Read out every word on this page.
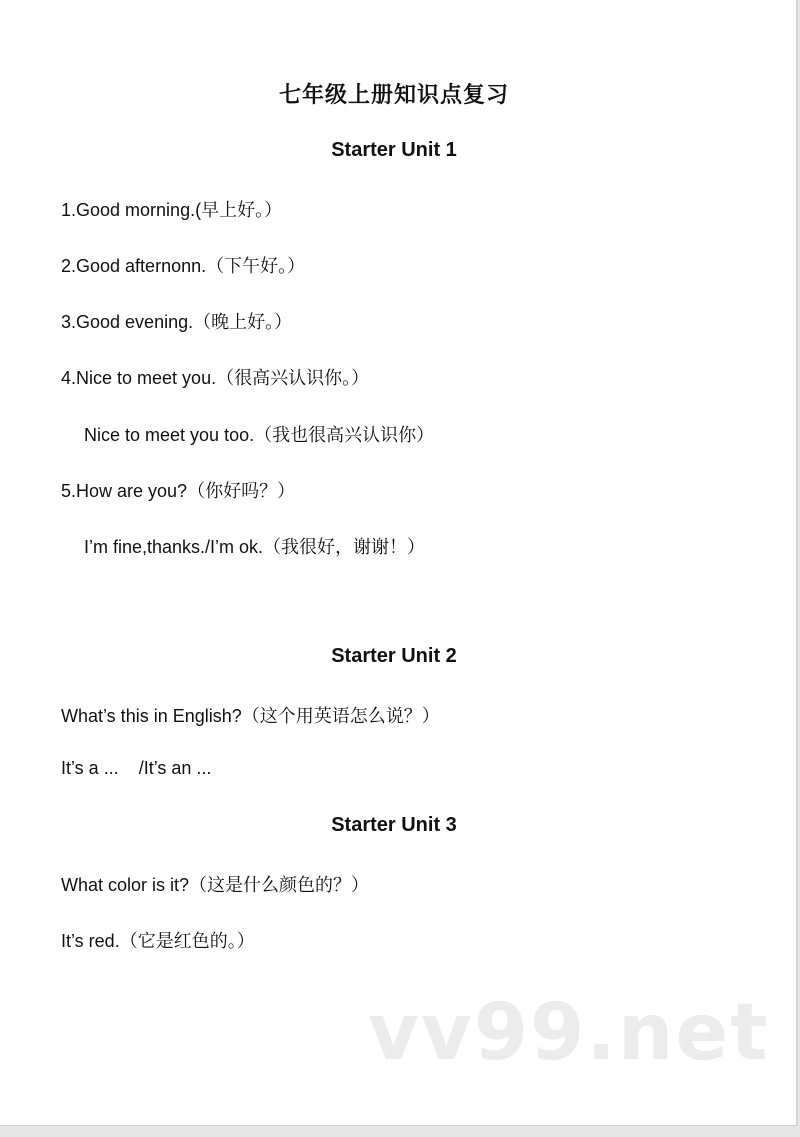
七年级上册知识点复习
Starter Unit 1
1.Good morning.(早上好。）
2.Good afternonn.（下午好。）
3.Good evening.（晚上好。）
4.Nice to meet you.（很高兴认识你。）
Nice to meet you too.（我也很高兴认识你）
5.How are you?（你好吗？）
I’m fine,thanks./I’m ok.（我很好，谢谢！）
Starter Unit 2
What’s this in English?（这个用英语怎么说？）
It’s a ...    /It’s an ...
Starter Unit 3
What color is it?（这是什么颜色的？）
It’s red.（它是红色的。）
vv99.net
